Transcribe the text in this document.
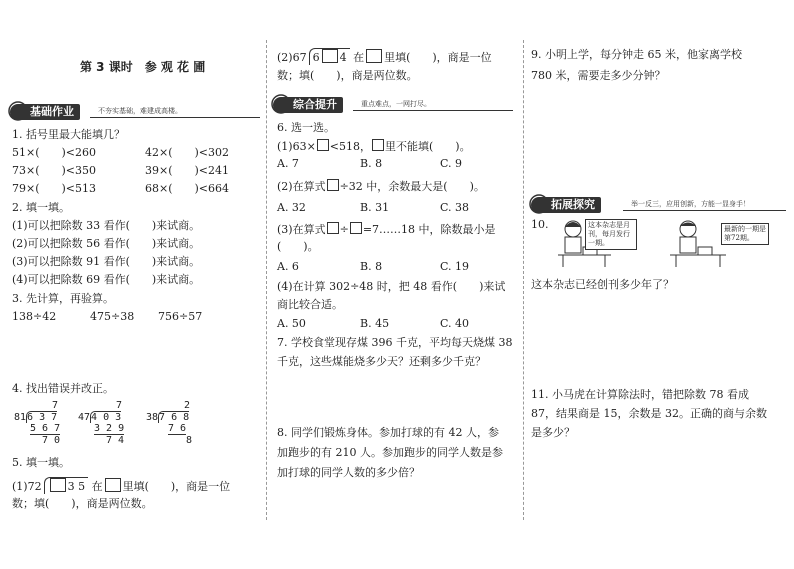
第 3 课时　参 观 花 圃
基础作业	不夯实基础，难建成高楼。
1. 括号里最大能填几？
51×(　　)<260	42×(　　)<302
73×(　　)<350	39×(　　)<241
79×(　　)<513	68×(　　)<664
2. 填一填。
(1)可以把除数 33 看作(　　)来试商。
(2)可以把除数 56 看作(　　)来试商。
(3)可以把除数 91 看作(　　)来试商。
(4)可以把除数 69 看作(　　)来试商。
3. 先计算，再验算。
138÷42	475÷38 756÷57
4. 找出错误并改正。
7
816 3 7
5 6 7
7 0
7
474 0 3
3 2 9
7 4
2
387 6 8
7 6
8
5. 填一填。
(1)72 3 5 在 里填(　　)，商是一位
数；填(　　)，商是两位数。
(2)67 6 4 在 里填(　　)，商是一位
数；填(　　)，商是两位数。
综合提升	重点难点，一网打尽。
6. 选一选。
(1)63× <518， 里不能填(　　)。
A. 7	B. 8	C. 9
(2)在算式 ÷32 中，余数最大是(　　)。
A. 32	B. 31	C. 38
(3)在算式 ÷ =7……18 中，除数最小是
(　　)。
A. 6	B. 8	C. 19
(4)在计算 302÷48 时，把 48 看作(　　)来试
商比较合适。
A. 50	B. 45	C. 40
7. 学校食堂现存煤 396 千克，平均每天烧煤 38
千克，这些煤能烧多少天？还剩多少千克？
8. 同学们锻炼身体。参加打球的有 42 人，参
加跑步的有 210 人。参加跑步的同学人数是参
加打球的同学人数的多少倍？
9. 小明上学，每分钟走 65 米，他家离学校
780 米，需要走多少分钟？
拓展探究	举一反三，应用创新，方能一显身手！
10.	这本杂志是月刊，每月发行一期。
最新的一期是第72期。
这本杂志已经创刊多少年了？
11. 小马虎在计算除法时，错把除数 78 看成
87，结果商是 15，余数是 32。正确的商与余数
是多少？
